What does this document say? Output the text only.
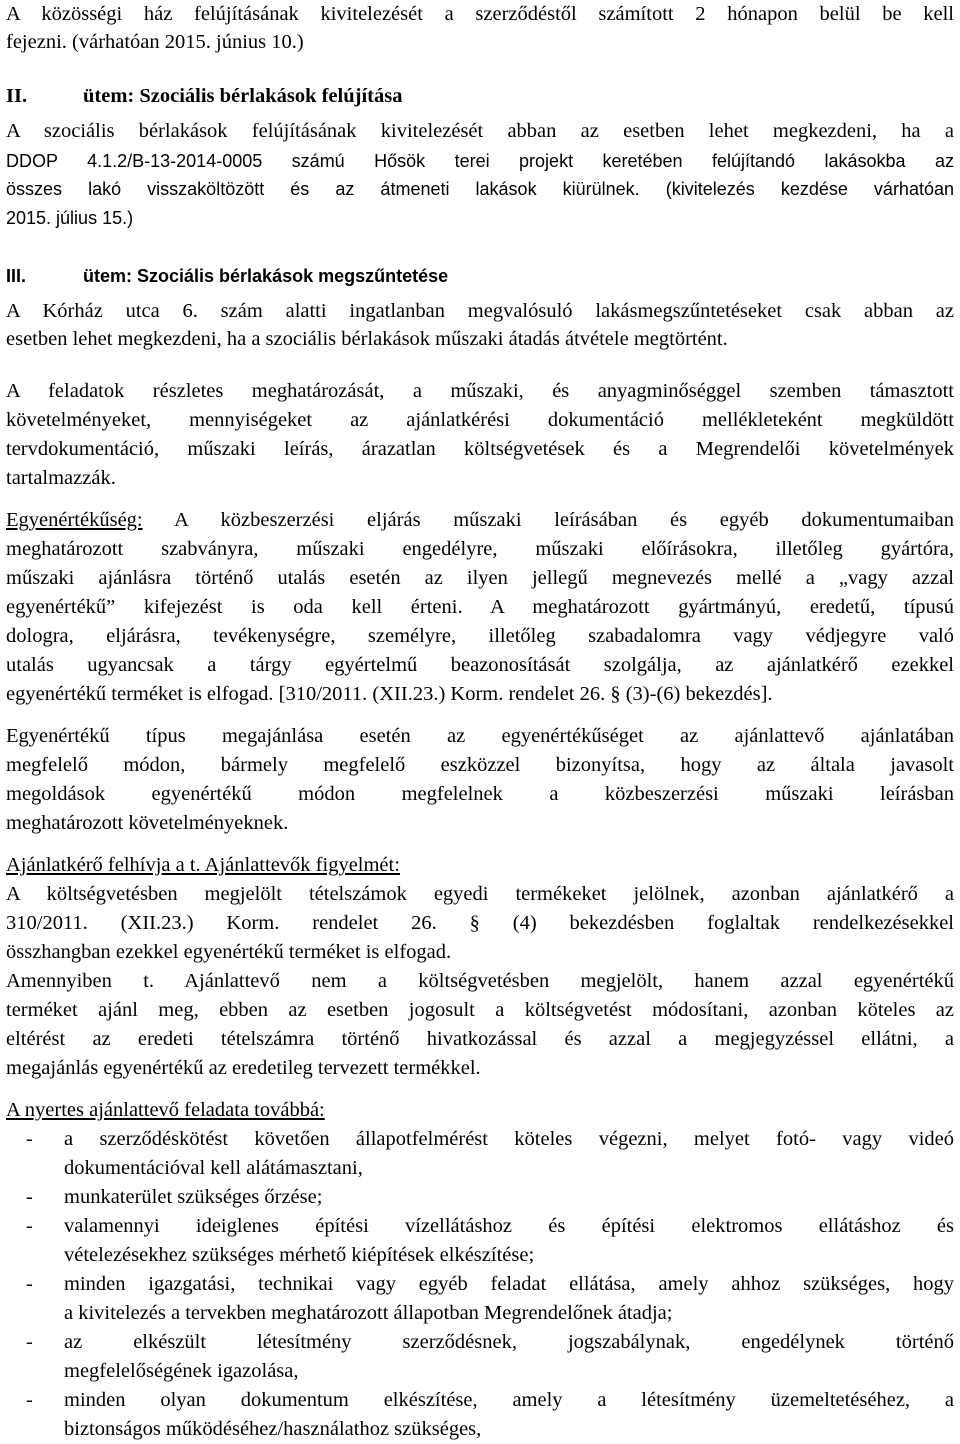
A közösségi ház felújításának kivitelezését a szerződéstől számított 2 hónapon belül be kell
fejezni. (várhatóan 2015. június 10.)
II.	ütem: Szociális bérlakások felújítása
A szociális bérlakások felújításának kivitelezését abban az esetben lehet megkezdeni, ha a
DDOP 4.1.2/B-13-2014-0005 számú Hősök terei projekt keretében felújítandó lakásokba az
összes lakó visszaköltözött és az átmeneti lakások kiürülnek. (kivitelezés kezdése várhatóan
2015. július 15.)
III.	ütem: Szociális bérlakások megszűntetése
A Kórház utca 6. szám alatti ingatlanban megvalósuló lakásmegszűntetéseket csak abban az
esetben lehet megkezdeni, ha a szociális bérlakások műszaki átadás átvétele megtörtént.
A feladatok részletes meghatározását, a műszaki, és anyagminőséggel szemben támasztott
követelményeket, mennyiségeket az ajánlatkérési dokumentáció mellékleteként megküldött
tervdokumentáció, műszaki leírás, árazatlan költségvetések és a Megrendelői követelmények
tartalmazzák.
Egyenértékűség: A közbeszerzési eljárás műszaki leírásában és egyéb dokumentumaiban
meghatározott szabványra, műszaki engedélyre, műszaki előírásokra, illetőleg gyártóra,
műszaki ajánlásra történő utalás esetén az ilyen jellegű megnevezés mellé a „vagy azzal
egyenértékű” kifejezést is oda kell érteni. A meghatározott gyártmányú, eredetű, típusú
dologra, eljárásra, tevékenységre, személyre, illetőleg szabadalomra vagy védjegyre való
utalás ugyancsak a tárgy egyértelmű beazonosítását szolgálja, az ajánlatkérő ezekkel
egyenértékű terméket is elfogad. [310/2011. (XII.23.) Korm. rendelet 26. § (3)-(6) bekezdés].
Egyenértékű típus megajánlása esetén az egyenértékűséget az ajánlattevő ajánlatában
megfelelő módon, bármely megfelelő eszközzel bizonyítsa, hogy az általa javasolt
megoldások egyenértékű módon megfelelnek a közbeszerzési műszaki leírásban
meghatározott követelményeknek.
Ajánlatkérő felhívja a t. Ajánlattevők figyelmét:
A költségvetésben megjelölt tételszámok egyedi termékeket jelölnek, azonban ajánlatkérő a
310/2011. (XII.23.) Korm. rendelet 26. § (4) bekezdésben foglaltak rendelkezésekkel
összhangban ezekkel egyenértékű terméket is elfogad.
Amennyiben t. Ajánlattevő nem a költségvetésben megjelölt, hanem azzal egyenértékű
terméket ajánl meg, ebben az esetben jogosult a költségvetést módosítani, azonban köteles az
eltérést az eredeti tételszámra történő hivatkozással és azzal a megjegyzéssel ellátni, a
megajánlás egyenértékű az eredetileg tervezett termékkel.
A nyertes ajánlattevő feladata továbbá:
-	a szerződéskötést követően állapotfelmérést köteles végezni, melyet fotó- vagy videó
dokumentációval kell alátámasztani,
-	munkaterület szükséges őrzése;
-	valamennyi ideiglenes építési vízellátáshoz és építési elektromos ellátáshoz és
vételezésekhez szükséges mérhető kiépítések elkészítése;
-	minden igazgatási, technikai vagy egyéb feladat ellátása, amely ahhoz szükséges, hogy
a kivitelezés a tervekben meghatározott állapotban Megrendelőnek átadja;
-	az elkészült létesítmény szerződésnek, jogszabálynak, engedélynek történő
megfelelőségének igazolása,
-	minden olyan dokumentum elkészítése, amely a létesítmény üzemeltetéséhez, a
biztonságos működéséhez/használathoz szükséges,
